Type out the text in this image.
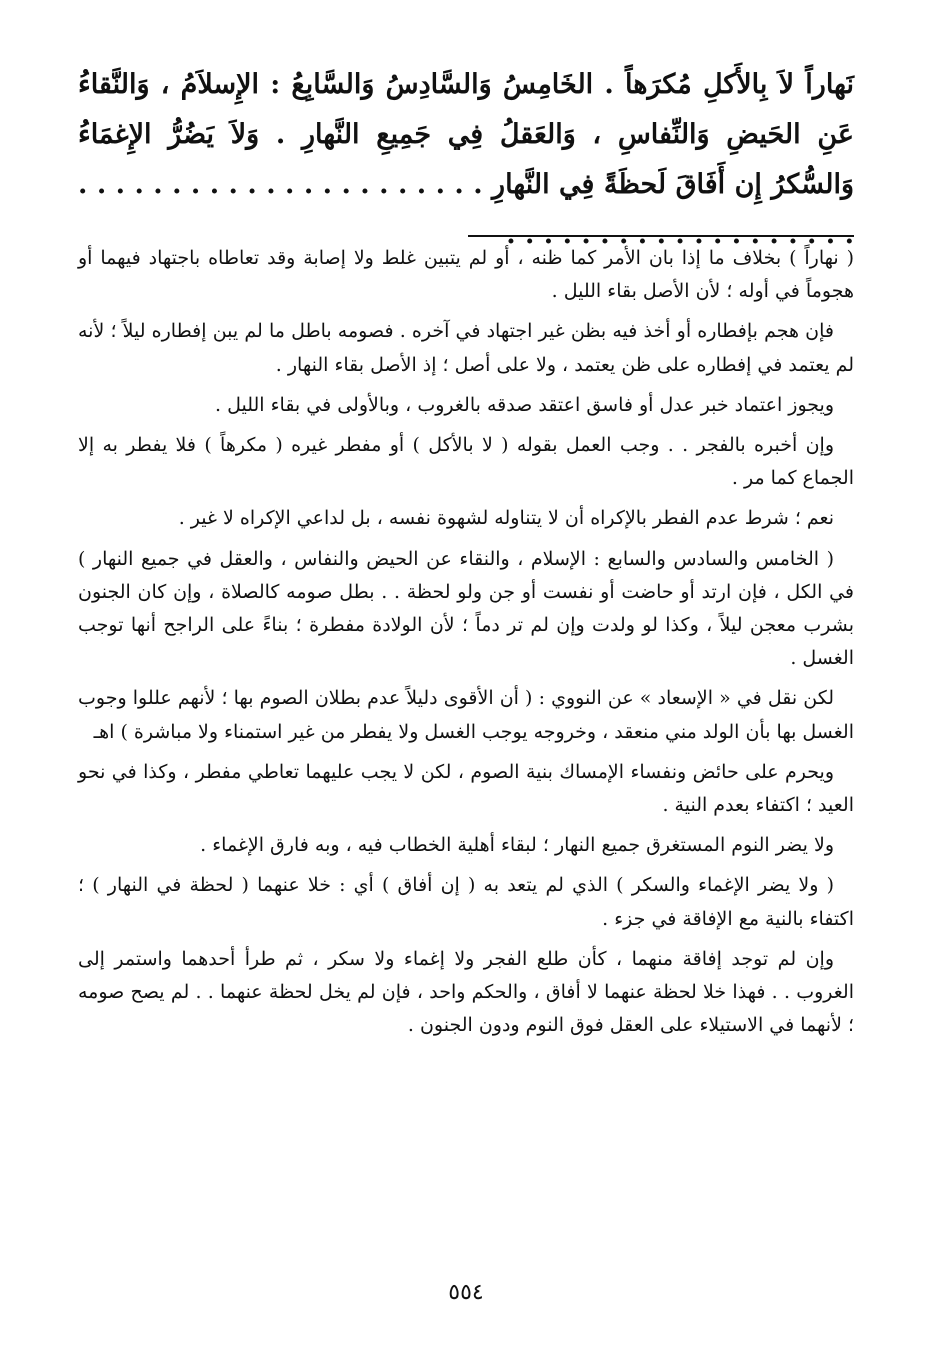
نَهاراً لاَ بِالأَكلِ مُكرَهاً . الخَامِسُ وَالسَّادِسُ وَالسَّابِعُ : الإِسلاَمُ ، وَالنَّقاءُ عَنِ الحَيضِ وَالنِّفاسِ ، وَالعَقلُ فِي جَمِيعِ النَّهارِ . وَلاَ يَضُرُّ الإِغمَاءُ وَالسُّكرُ إِن أَفَاقَ لَحظَةً فِي النَّهارِ . . . . . . . . . . . . . . . . . . . . . . . . . . . . . . . . . . . . . . . . .

( نهاراً ) بخلاف ما إذا بان الأمر كما ظنه ، أو لم يتبين غلط ولا إصابة وقد تعاطاه باجتهاد فيهما أو هجوماً في أوله ؛ لأن الأصل بقاء الليل .

فإن هجم بإفطاره أو أخذ فيه بظن غير اجتهاد في آخره . فصومه باطل ما لم يبن إفطاره ليلاً ؛ لأنه لم يعتمد في إفطاره على ظن يعتمد ، ولا على أصل ؛ إذ الأصل بقاء النهار .

ويجوز اعتماد خبر عدل أو فاسق اعتقد صدقه بالغروب ، وبالأولى في بقاء الليل .

وإن أخبره بالفجر . . وجب العمل بقوله ( لا بالأكل ) أو مفطر غيره ( مكرهاً ) فلا يفطر به إلا الجماع كما مر .

نعم ؛ شرط عدم الفطر بالإكراه أن لا يتناوله لشهوة نفسه ، بل لداعي الإكراه لا غير .

( الخامس والسادس والسابع : الإسلام ، والنقاء عن الحيض والنفاس ، والعقل في جميع النهار ) في الكل ، فإن ارتد أو حاضت أو نفست أو جن ولو لحظة . . بطل صومه كالصلاة ، وإن كان الجنون بشرب معجن ليلاً ، وكذا لو ولدت وإن لم تر دماً ؛ لأن الولادة مفطرة ؛ بناءً على الراجح أنها توجب الغسل .

لكن نقل في « الإسعاد » عن النووي : ( أن الأقوى دليلاً عدم بطلان الصوم بها ؛ لأنهم عللوا وجوب الغسل بها بأن الولد مني منعقد ، وخروجه يوجب الغسل ولا يفطر من غير استمناء ولا مباشرة ) اهـ

ويحرم على حائض ونفساء الإمساك بنية الصوم ، لكن لا يجب عليهما تعاطي مفطر ، وكذا في نحو العيد ؛ اكتفاء بعدم النية .

ولا يضر النوم المستغرق جميع النهار ؛ لبقاء أهلية الخطاب فيه ، وبه فارق الإغماء .

( ولا يضر الإغماء والسكر ) الذي لم يتعد به ( إن أفاق ) أي : خلا عنهما ( لحظة في النهار ) ؛ اكتفاء بالنية مع الإفاقة في جزء .

وإن لم توجد إفاقة منهما ، كأن طلع الفجر ولا إغماء ولا سكر ، ثم طرأ أحدهما واستمر إلى الغروب . . فهذا خلا لحظة عنهما لا أفاق ، والحكم واحد ، فإن لم يخل لحظة عنهما . . لم يصح صومه ؛ لأنهما في الاستيلاء على العقل فوق النوم ودون الجنون .

٥٥٤
